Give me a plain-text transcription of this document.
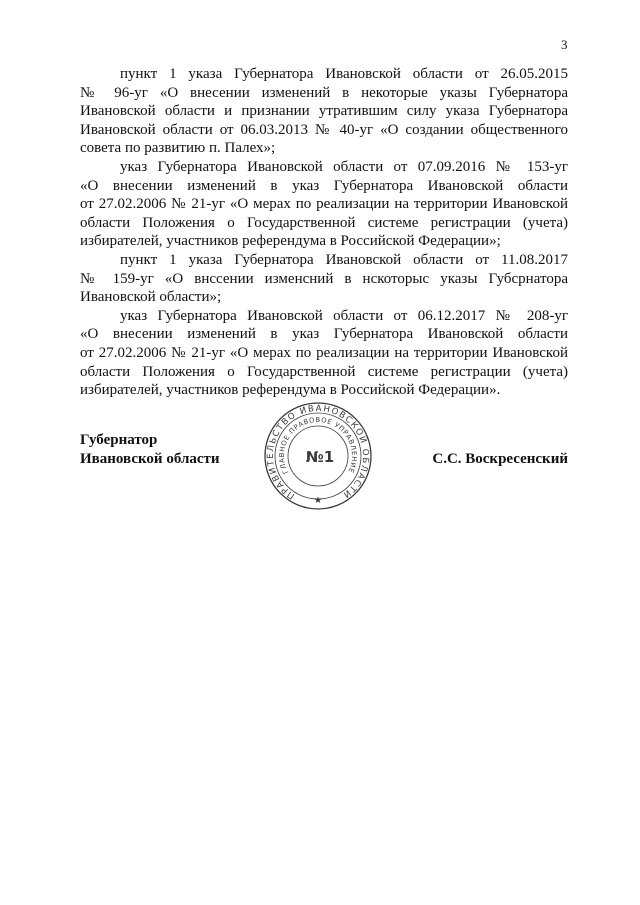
3
пункт 1 указа Губернатора Ивановской области от 26.05.2015
№ 96-уг «О внесении изменений в некоторые указы Губернатора
Ивановской области и признании утратившим силу указа Губернатора
Ивановской области от 06.03.2013 № 40-уг «О создании общественного
совета по развитию п. Палех»;
указ Губернатора Ивановской области от 07.09.2016 № 153-уг
«О внесении изменений в указ Губернатора Ивановской области
от 27.02.2006 № 21-уг «О мерах по реализации на территории Ивановской
области Положения о Государственной системе регистрации (учета)
избирателей, участников референдума в Российской Федерации»;
пункт 1 указа Губернатора Ивановской области от 11.08.2017
№ 159-уг «О внссении изменсний в нскоторыс указы Губсрнатора
Ивановской области»;
указ Губернатора Ивановской области от 06.12.2017 № 208-уг
«О внесении изменений в указ Губернатора Ивановской области
от 27.02.2006 № 21-уг «О мерах по реализации на территории Ивановской
области Положения о Государственной системе регистрации (учета)
избирателей, участников референдума в Российской Федерации».
Губернатор
Ивановской области	С.С. Воскресенский
ПРАВИТЕЛЬСТВО ИВАНОВСКОЙ ОБЛАСТИ
ГЛАВНОЕ ПРАВОВОЕ УПРАВЛЕНИЕ
№1
